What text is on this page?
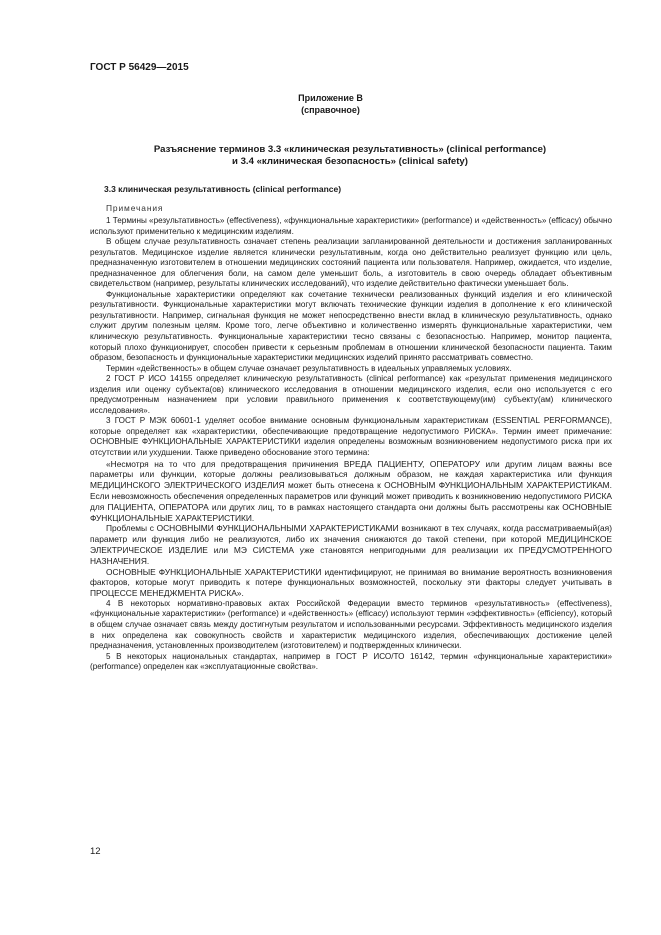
ГОСТ Р 56429—2015
Приложение В
(справочное)
Разъяснение терминов 3.3 «клиническая результативность» (clinical performance)
и 3.4 «клиническая безопасность» (clinical safety)
3.3 клиническая результативность (clinical performance)
Примечания

1 Термины «результативность» (effectiveness), «функциональные характеристики» (performance) и «действенность» (efficacy) обычно используют применительно к медицинским изделиям.

В общем случае результативность означает степень реализации запланированной деятельности и достижения запланированных результатов. Медицинское изделие является клинически результативным, когда оно действительно реализует функцию или цель, предназначенную изготовителем в отношении медицинских состояний пациента или пользователя. Например, ожидается, что изделие, предназначенное для облегчения боли, на самом деле уменьшит боль, а изготовитель в свою очередь обладает объективным свидетельством (например, результаты клинических исследований), что изделие действительно фактически уменьшает боль.

Функциональные характеристики определяют как сочетание технически реализованных функций изделия и его клинической результативности. Функциональные характеристики могут включать технические функции изделия в дополнение к его клинической результативности. Например, сигнальная функция не может непосредственно внести вклад в клиническую результативность, однако служит другим полезным целям. Кроме того, легче объективно и количественно измерять функциональные характеристики, чем клиническую результативность. Функциональные характеристики тесно связаны с безопасностью. Например, монитор пациента, который плохо функционирует, способен привести к серьезным проблемам в отношении клинической безопасности пациента. Таким образом, безопасность и функциональные характеристики медицинских изделий принято рассматривать совместно.

Термин «действенность» в общем случае означает результативность в идеальных управляемых условиях.

2 ГОСТ Р ИСО 14155 определяет клиническую результативность (clinical performance) как «результат применения медицинского изделия или оценку субъекта(ов) клинического исследования в отношении медицинского изделия, если оно используется с его предусмотренным назначением при условии правильного применения к соответствующему(им) субъекту(ам) клинического исследования».

3 ГОСТ Р МЭК 60601-1 уделяет особое внимание основным функциональным характеристикам (ESSENTIAL PERFORMANCE), которые определяет как «характеристики, обеспечивающие предотвращение недопустимого РИСКА». Термин имеет примечание: ОСНОВНЫЕ ФУНКЦИОНАЛЬНЫЕ ХАРАКТЕРИСТИКИ изделия определены возможным возникновением недопустимого риска при их отсутствии или ухудшении. Также приведено обоснование этого термина:

«Несмотря на то что для предотвращения причинения ВРЕДА ПАЦИЕНТУ, ОПЕРАТОРУ или другим лицам важны все параметры или функции, которые должны реализовываться должным образом, не каждая характеристика или функция МЕДИЦИНСКОГО ЭЛЕКТРИЧЕСКОГО ИЗДЕЛИЯ может быть отнесена к ОСНОВНЫМ ФУНКЦИОНАЛЬНЫМ ХАРАКТЕРИСТИКАМ. Если невозможность обеспечения определенных параметров или функций может приводить к возникновению недопустимого РИСКА для ПАЦИЕНТА, ОПЕРАТОРА или других лиц, то в рамках настоящего стандарта они должны быть рассмотрены как ОСНОВНЫЕ ФУНКЦИОНАЛЬНЫЕ ХАРАКТЕРИСТИКИ.

Проблемы с ОСНОВНЫМИ ФУНКЦИОНАЛЬНЫМИ ХАРАКТЕРИСТИКАМИ возникают в тех случаях, когда рассматриваемый(ая) параметр или функция либо не реализуются, либо их значения снижаются до такой степени, при которой МЕДИЦИНСКОЕ ЭЛЕКТРИЧЕСКОЕ ИЗДЕЛИЕ или МЭ СИСТЕМА уже становятся непригодными для реализации их ПРЕДУСМОТРЕННОГО НАЗНАЧЕНИЯ.

ОСНОВНЫЕ ФУНКЦИОНАЛЬНЫЕ ХАРАКТЕРИСТИКИ идентифицируют, не принимая во внимание вероятность возникновения факторов, которые могут приводить к потере функциональных возможностей, поскольку эти факторы следует учитывать в ПРОЦЕССЕ МЕНЕДЖМЕНТА РИСКА».

4 В некоторых нормативно-правовых актах Российской Федерации вместо терминов «результативность» (effectiveness), «функциональные характеристики» (performance) и «действенность» (efficacy) используют термин «эффективность» (efficiency), который в общем случае означает связь между достигнутым результатом и использованными ресурсами. Эффективность медицинского изделия в них определена как совокупность свойств и характеристик медицинского изделия, обеспечивающих достижение целей предназначения, установленных производителем (изготовителем) и подтвержденных клинически.

5 В некоторых национальных стандартах, например в ГОСТ Р ИСО/ТО 16142, термин «функциональные характеристики» (performance) определен как «эксплуатационные свойства».

12
